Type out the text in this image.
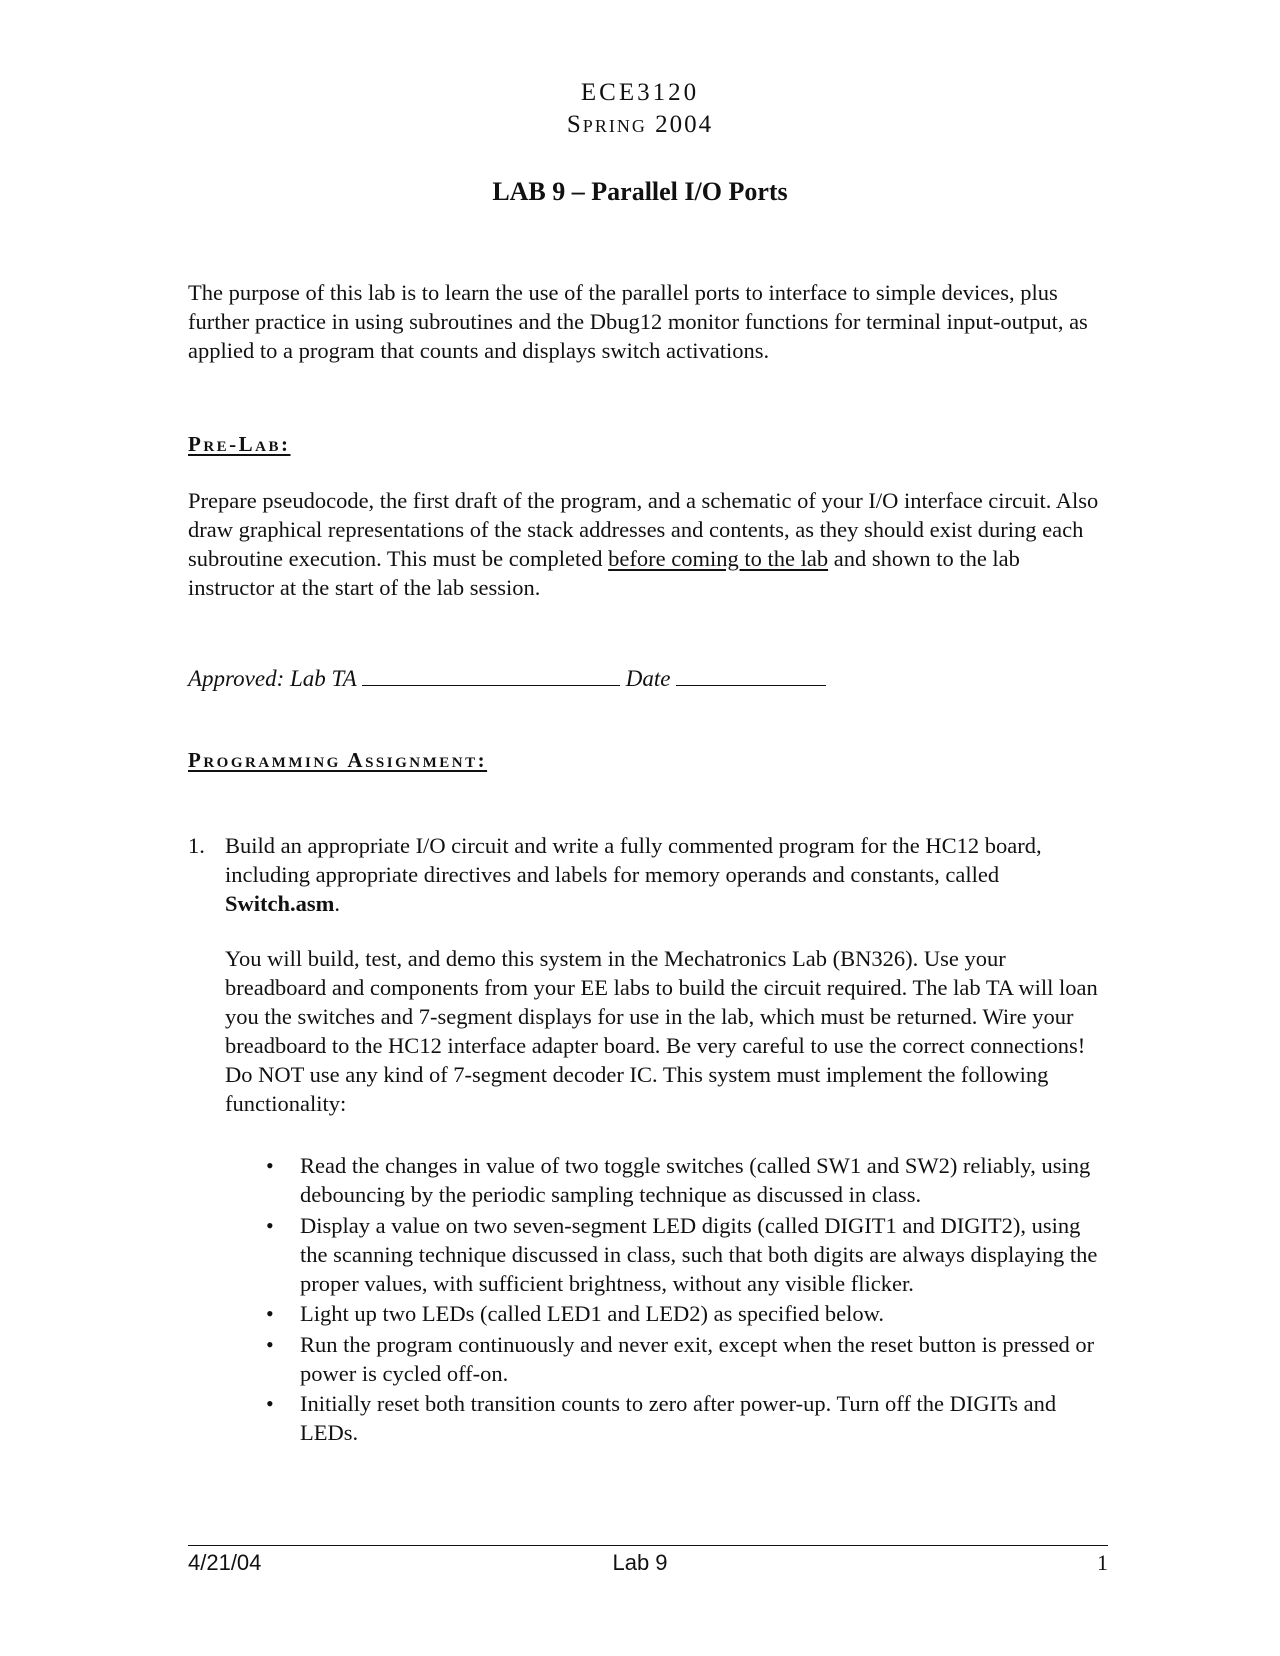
ECE3120
Spring 2004
LAB 9 – Parallel I/O Ports

The purpose of this lab is to learn the use of the parallel ports to interface to simple devices, plus further practice in using subroutines and the Dbug12 monitor functions for terminal input-output, as applied to a program that counts and displays switch activations.

Pre-Lab:

Prepare pseudocode, the first draft of the program, and a schematic of your I/O interface circuit. Also draw graphical representations of the stack addresses and contents, as they should exist during each subroutine execution. This must be completed before coming to the lab and shown to the lab instructor at the start of the lab session.

Approved: Lab TA	Date
Programming Assignment:
1. Build an appropriate I/O circuit and write a fully commented program for the HC12 board, including appropriate directives and labels for memory operands and constants, called Switch.asm.

You will build, test, and demo this system in the Mechatronics Lab (BN326). Use your breadboard and components from your EE labs to build the circuit required. The lab TA will loan you the switches and 7-segment displays for use in the lab, which must be returned. Wire your breadboard to the HC12 interface adapter board. Be very careful to use the correct connections! Do NOT use any kind of 7-segment decoder IC. This system must implement the following functionality:

• Read the changes in value of two toggle switches (called SW1 and SW2) reliably, using debouncing by the periodic sampling technique as discussed in class.
• Display a value on two seven-segment LED digits (called DIGIT1 and DIGIT2), using the scanning technique discussed in class, such that both digits are always displaying the proper values, with sufficient brightness, without any visible flicker.
• Light up two LEDs (called LED1 and LED2) as specified below.
• Run the program continuously and never exit, except when the reset button is pressed or power is cycled off-on.
• Initially reset both transition counts to zero after power-up. Turn off the DIGITs and LEDs.
4/21/04	Lab 9	1
